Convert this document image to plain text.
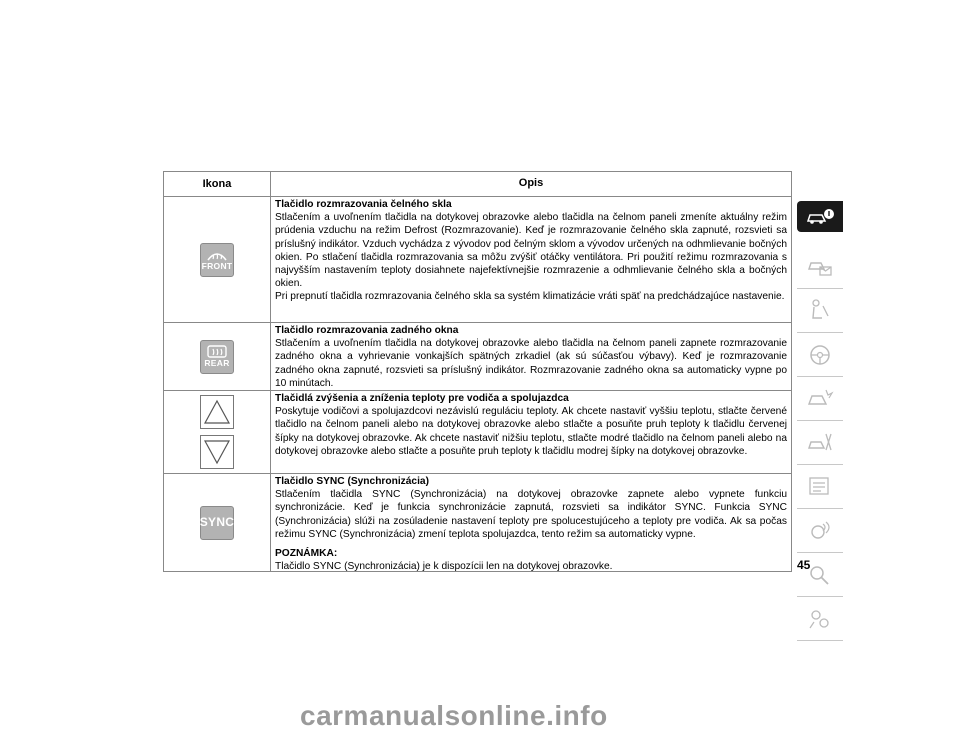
Ikona	Opis
FRONT
Tlačidlo rozmrazovania čelného skla
Stlačením a uvoľnením tlačidla na dotykovej obrazovke alebo tlačidla na čelnom paneli zmeníte aktuálny režim prúdenia vzduchu na režim Defrost (Rozmrazovanie). Keď je rozmrazovanie čelného skla zapnuté, rozsvieti sa príslušný indikátor. Vzduch vychádza z vývodov pod čelným sklom a vývodov určených na odhmlievanie bočných okien. Po stlačení tlačidla rozmrazovania sa môžu zvýšiť otáčky ventilátora. Pri použití režimu rozmrazovania s najvyšším nastavením teploty dosiahnete najefektívnejšie rozmrazenie a odhmlievanie čelného skla a bočných okien.
Pri prepnutí tlačidla rozmrazovania čelného skla sa systém klimatizácie vráti späť na predchádzajúce nastavenie.
REAR
Tlačidlo rozmrazovania zadného okna
Stlačením a uvoľnením tlačidla na dotykovej obrazovke alebo tlačidla na čelnom paneli zapnete rozmrazovanie zadného okna a vyhrievanie vonkajších spätných zrkadiel (ak sú súčasťou výbavy). Keď je rozmrazovanie zadného okna zapnuté, rozsvieti sa príslušný indikátor. Rozmrazovanie zadného okna sa automaticky vypne po 10 minútach.
Tlačidlá zvýšenia a zníženia teploty pre vodiča a spolujazdca
Poskytuje vodičovi a spolujazdcovi nezávislú reguláciu teploty. Ak chcete nastaviť vyššiu teplotu, stlačte červené tlačidlo na čelnom paneli alebo na dotykovej obrazovke alebo stlačte a posuňte pruh teploty k tlačidlu červenej šípky na dotykovej obrazovke. Ak chcete nastaviť nižšiu teplotu, stlačte modré tlačidlo na čelnom paneli alebo na dotykovej obrazovke alebo stlačte a posuňte pruh teploty k tlačidlu modrej šípky na dotykovej obrazovke.
SYNC
Tlačidlo SYNC (Synchronizácia)
Stlačením tlačidla SYNC (Synchronizácia) na dotykovej obrazovke zapnete alebo vypnete funkciu synchronizácie. Keď je funkcia synchronizácie zapnutá, rozsvieti sa indikátor SYNC. Funkcia SYNC (Synchronizácia) slúži na zosúladenie nastavení teploty pre spolucestujúceho a teploty pre vodiča. Ak sa počas režimu SYNC (Synchronizácia) zmení teplota spolujazdca, tento režim sa automaticky vypne.
POZNÁMKA:
Tlačidlo SYNC (Synchronizácia) je k dispozícii len na dotykovej obrazovke.	45
carmanualsonline.info
